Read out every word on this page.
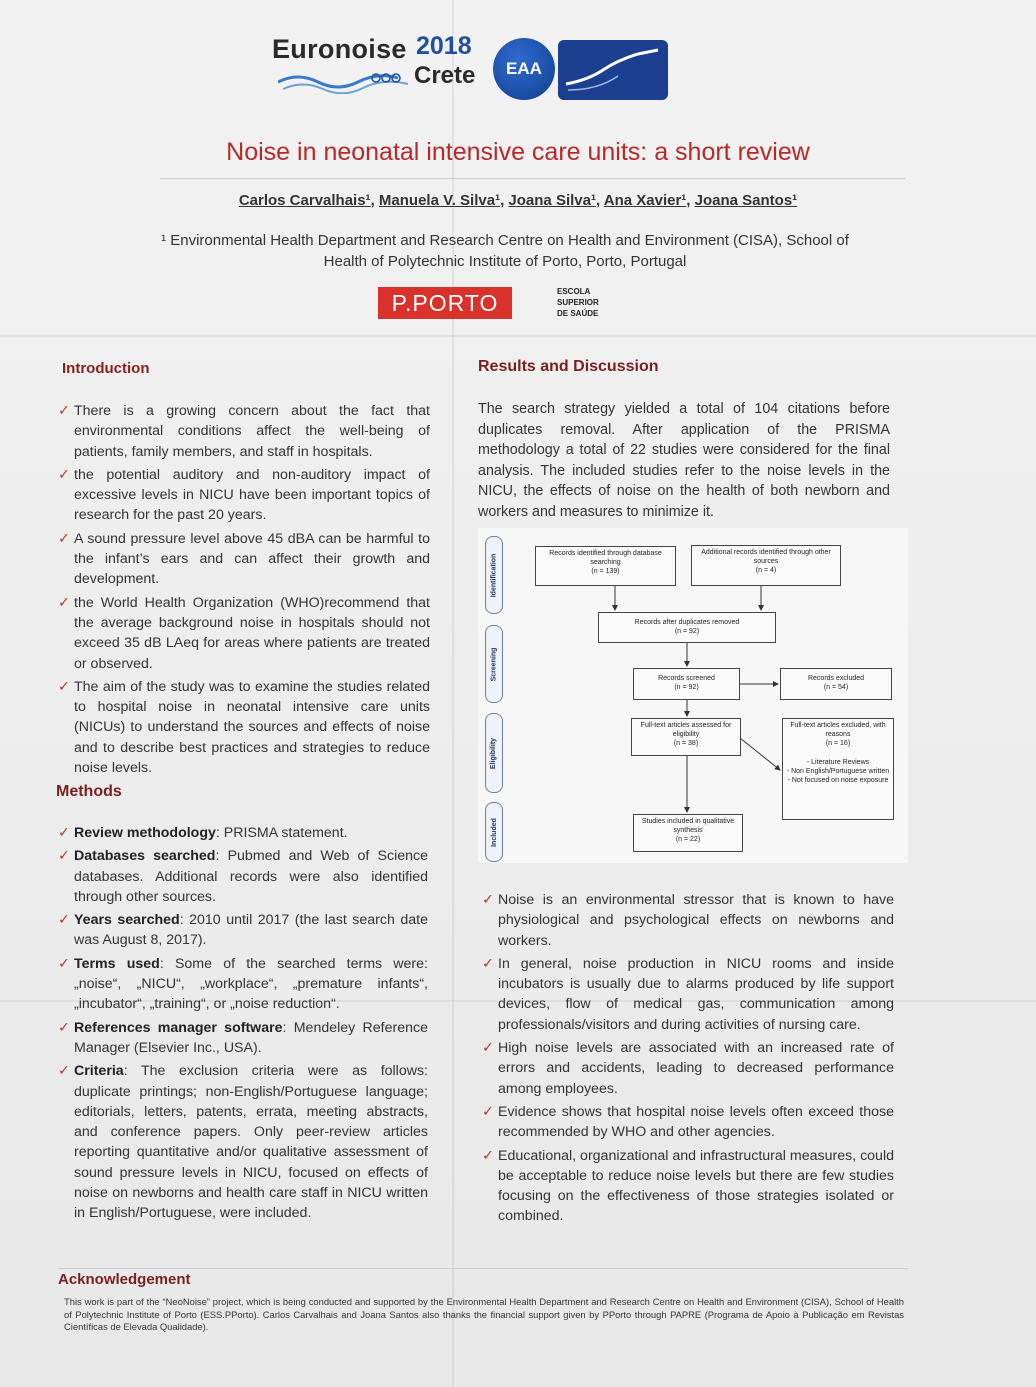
Euronoise 2018
Crete EAA
Noise in neonatal intensive care units: a short review
Carlos Carvalhais¹, Manuela V. Silva¹, Joana Silva¹, Ana Xavier¹, Joana Santos¹
¹ Environmental Health Department and Research Centre on Health and Environment (CISA), School of Health of Polytechnic Institute of Porto, Porto, Portugal
P.PORTO	ESCOLA
SUPERIOR
DE SAÚDE
Introduction
✓ There is a growing concern about the fact that environmental conditions affect the well-being of patients, family members, and staff in hospitals.
✓ the potential auditory and non-auditory impact of excessive levels in NICU have been important topics of research for the past 20 years.
✓ A sound pressure level above 45 dBA can be harmful to the infant’s ears and can affect their growth and development.
✓ the World Health Organization (WHO)recommend that the average background noise in hospitals should not exceed 35 dB LAeq for areas where patients are treated or observed.
✓ The aim of the study was to examine the studies related to hospital noise in neonatal intensive care units (NICUs) to understand the sources and effects of noise and to describe best practices and strategies to reduce noise levels.
Methods
✓ Review methodology: PRISMA statement.
✓ Databases searched: Pubmed and Web of Science databases. Additional records were also identified through other sources.
✓ Years searched: 2010 until 2017 (the last search date was August 8, 2017).
✓ Terms used: Some of the searched terms were: „noise“, „NICU“, „workplace“, „premature infants“, „incubator“, „training“, or „noise reduction“.
✓ References manager software: Mendeley Reference Manager (Elsevier Inc., USA).
✓ Criteria: The exclusion criteria were as follows: duplicate printings; non-English/Portuguese language; editorials, letters, patents, errata, meeting abstracts, and conference papers. Only peer-review articles reporting quantitative and/or qualitative assessment of sound pressure levels in NICU, focused on effects of noise on newborns and health care staff in NICU written in English/Portuguese, were included.
Results and Discussion

The search strategy yielded a total of 104 citations before duplicates removal. After application of the PRISMA methodology a total of 22 studies were considered for the final analysis. The included studies refer to the noise levels in the NICU, the effects of noise on the health of both newborn and workers and measures to minimize it.

Identification
Screening
Eligibility
Included
Records identified through database searching
(n = 139)
Additional records identified through other sources
(n = 4)
Records after duplicates removed
(n = 92)
Records screened
(n = 92)
Records excluded
(n = 54)
Full-text articles assessed for eligibility
(n = 38)
Full-text articles excluded, with reasons
(n = 16)
- Literature Reviews
- Non English/Portuguese written
- Not focused on noise exposure
Studies included in qualitative synthesis
(n = 22)
✓ Noise is an environmental stressor that is known to have physiological and psychological effects on newborns and workers.
✓ In general, noise production in NICU rooms and inside incubators is usually due to alarms produced by life support devices, flow of medical gas, communication among professionals/visitors and during activities of nursing care.
✓ High noise levels are associated with an increased rate of errors and accidents, leading to decreased performance among employees.
✓ Evidence shows that hospital noise levels often exceed those recommended by WHO and other agencies.
✓ Educational, organizational and infrastructural measures, could be acceptable to reduce noise levels but there are few studies focusing on the effectiveness of those strategies isolated or combined.
Acknowledgement

This work is part of the “NeoNoise” project, which is being conducted and supported by the Environmental Health Department and Research Centre on Health and Environment (CISA), School of Health of Polytechnic Institute of Porto (ESS.PPorto). Carlos Carvalhais and Joana Santos also thanks the financial support given by PPorto through PAPRE (Programa de Apoio à Publicação em Revistas Científicas de Elevada Qualidade).
